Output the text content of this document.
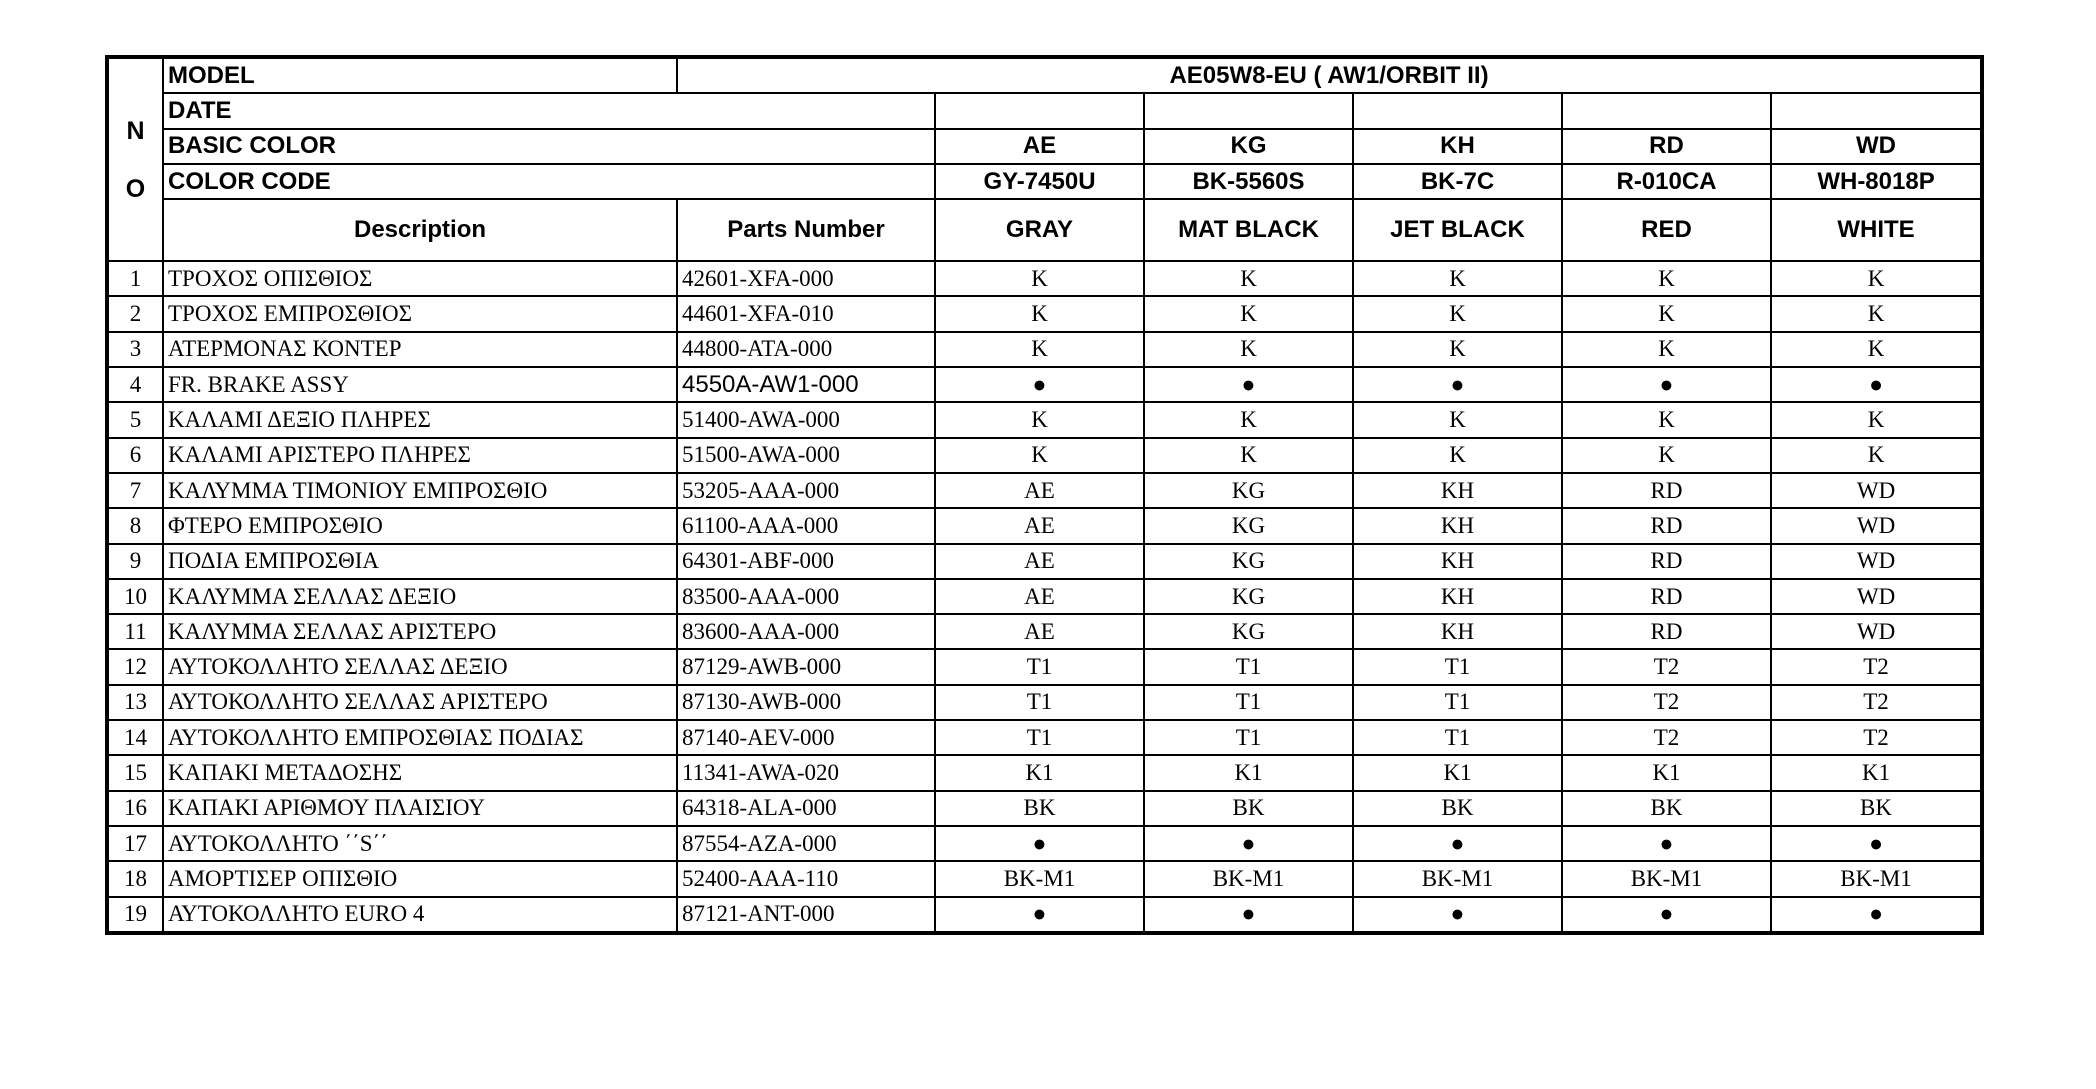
N
O	MODEL	AE05W8-EU ( AW1/ORBIT II)					
	DATE						
	BASIC COLOR		AE	KG	KH	RD	WD
	COLOR CODE		GY-7450U	BK-5560S	BK-7C	R-010CA	WH-8018P
	Description	Parts Number	GRAY	MAT BLACK	JET BLACK	RED	WHITE
1	ΤΡΟΧΟΣ ΟΠΙΣΘΙΟΣ	42601-XFA-000	K	K	K	K	K
2	ΤΡΟΧΟΣ ΕΜΠΡΟΣΘΙΟΣ	44601-XFA-010	K	K	K	K	K
3	ΑΤΕΡΜΟΝΑΣ ΚΟΝΤΕΡ	44800-ATA-000	K	K	K	K	K
4	FR. BRAKE ASSY	4550A-AW1-000	●	●	●	●	●
5	ΚΑΛΑΜΙ ΔΕΞΙΟ ΠΛΗΡΕΣ	51400-AWA-000	K	K	K	K	K
6	ΚΑΛΑΜΙ ΑΡΙΣΤΕΡΟ ΠΛΗΡΕΣ	51500-AWA-000	K	K	K	K	K
7	ΚΑΛΥΜΜΑ ΤΙΜΟΝΙΟΥ ΕΜΠΡΟΣΘΙΟ	53205-AAA-000	AE	KG	KH	RD	WD
8	ΦΤΕΡΟ ΕΜΠΡΟΣΘΙΟ	61100-AAA-000	AE	KG	KH	RD	WD
9	ΠΟΔΙΑ ΕΜΠΡΟΣΘΙΑ	64301-ABF-000	AE	KG	KH	RD	WD
10	ΚΑΛΥΜΜΑ ΣΕΛΛΑΣ ΔΕΞΙΟ	83500-AAA-000	AE	KG	KH	RD	WD
11	ΚΑΛΥΜΜΑ ΣΕΛΛΑΣ ΑΡΙΣΤΕΡΟ	83600-AAA-000	AE	KG	KH	RD	WD
12	ΑΥΤΟΚΟΛΛΗΤΟ ΣΕΛΛΑΣ ΔΕΞΙΟ	87129-AWB-000	T1	T1	T1	T2	T2
13	ΑΥΤΟΚΟΛΛΗΤΟ ΣΕΛΛΑΣ ΑΡΙΣΤΕΡΟ	87130-AWB-000	T1	T1	T1	T2	T2
14	ΑΥΤΟΚΟΛΛΗΤΟ ΕΜΠΡΟΣΘΙΑΣ ΠΟΔΙΑΣ	87140-AEV-000	T1	T1	T1	T2	T2
15	ΚΑΠΑΚΙ ΜΕΤΑΔΟΣΗΣ	11341-AWA-020	K1	K1	K1	K1	K1
16	ΚΑΠΑΚΙ ΑΡΙΘΜΟΥ ΠΛΑΙΣΙΟΥ	64318-ALA-000	BK	BK	BK	BK	BK
17	ΑΥΤΟΚΟΛΛΗΤΟ ΄΄S΄΄	87554-AZA-000	●	●	●	●	●
18	ΑΜΟΡΤΙΣΕΡ ΟΠΙΣΘΙΟ	52400-AAA-110	BK-M1	BK-M1	BK-M1	BK-M1	BK-M1
19	ΑΥΤΟΚΟΛΛΗΤΟ EURO 4	87121-ANT-000	●	●	●	●	●
